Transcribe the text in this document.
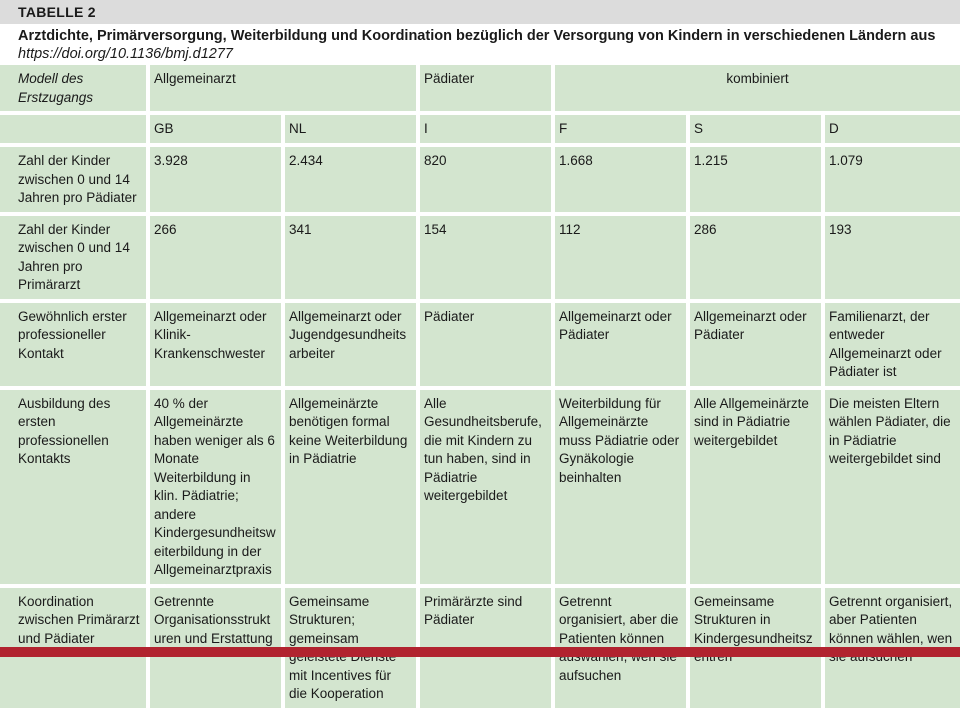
TABELLE 2
Arztdichte, Primärversorgung, Weiterbildung und Koordination bezüglich der Versorgung von Kindern in verschiedenen Ländern aus
https://doi.org/10.1136/bmj.d1277
Modell des Erstzugangs	Allgemeinarzt		Pädiater	kombiniert		
	GB	NL	I	F	S	D
Zahl der Kinder zwischen 0 und 14 Jahren pro Pädiater	3.928	2.434	820	1.668	1.215	1.079
Zahl der Kinder zwischen 0 und 14 Jahren pro Primärarzt	266	341	154	112	286	193
Gewöhnlich erster professioneller Kontakt	Allgemeinarzt oder Klinik-Krankenschwester	Allgemeinarzt oder Jugendgesundheitsarbeiter	Pädiater	Allgemeinarzt oder Pädiater	Allgemeinarzt oder Pädiater	Familienarzt, der entweder Allgemeinarzt oder Pädiater ist
Ausbildung des ersten professionellen Kontakts	40 % der Allgemeinärzte haben weniger als 6 Monate Weiterbildung in klin. Pädiatrie; andere Kindergesundheitsweiterbildung in der Allgemeinarztpraxis	Allgemeinärzte benötigen formal keine Weiterbildung in Pädiatrie	Alle Gesundheitsberufe, die mit Kindern zu tun haben, sind in Pädiatrie weitergebildet	Weiterbildung für Allgemeinärzte muss Pädiatrie oder Gynäkologie beinhalten	Alle Allgemeinärzte sind in Pädiatrie weitergebildet	Die meisten Eltern wählen Pädiater, die in Pädiatrie weitergebildet sind
Koordination zwischen Primärarzt und Pädiater	Getrennte Organisationsstrukturen und Erstattung	Gemeinsame Strukturen; gemeinsam mit Incentives für die Kooperation	Primärärzte sind Pädiater	Getrennt organisiert, aber die Patienten können aufsuchen	Gemeinsame Strukturen in Kindergesundheitsz	Getrennt organisiert, aber Patienten können wählen, wen
